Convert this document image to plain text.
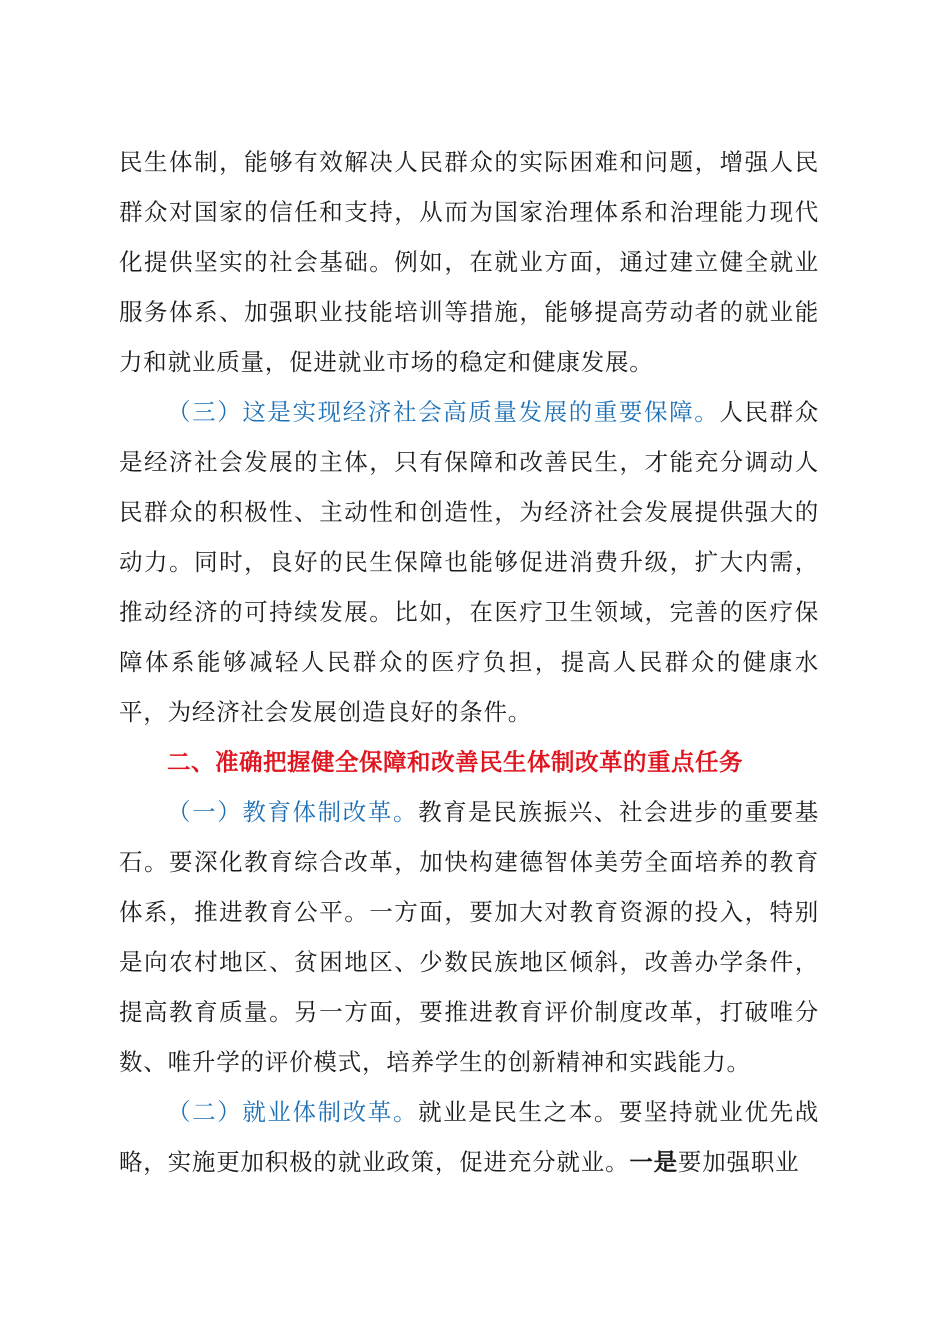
民生体制，能够有效解决人民群众的实际困难和问题，增强人民群众对国家的信任和支持，从而为国家治理体系和治理能力现代化提供坚实的社会基础。例如，在就业方面，通过建立健全就业服务体系、加强职业技能培训等措施，能够提高劳动者的就业能力和就业质量，促进就业市场的稳定和健康发展。

（三）这是实现经济社会高质量发展的重要保障。人民群众是经济社会发展的主体，只有保障和改善民生，才能充分调动人民群众的积极性、主动性和创造性，为经济社会发展提供强大的动力。同时，良好的民生保障也能够促进消费升级，扩大内需，推动经济的可持续发展。比如，在医疗卫生领域，完善的医疗保障体系能够减轻人民群众的医疗负担，提高人民群众的健康水平，为经济社会发展创造良好的条件。

二、准确把握健全保障和改善民生体制改革的重点任务

（一）教育体制改革。教育是民族振兴、社会进步的重要基石。要深化教育综合改革，加快构建德智体美劳全面培养的教育体系，推进教育公平。一方面，要加大对教育资源的投入，特别是向农村地区、贫困地区、少数民族地区倾斜，改善办学条件，提高教育质量。另一方面，要推进教育评价制度改革，打破唯分数、唯升学的评价模式，培养学生的创新精神和实践能力。

（二）就业体制改革。就业是民生之本。要坚持就业优先战略，实施更加积极的就业政策，促进充分就业。一是要加强职业
